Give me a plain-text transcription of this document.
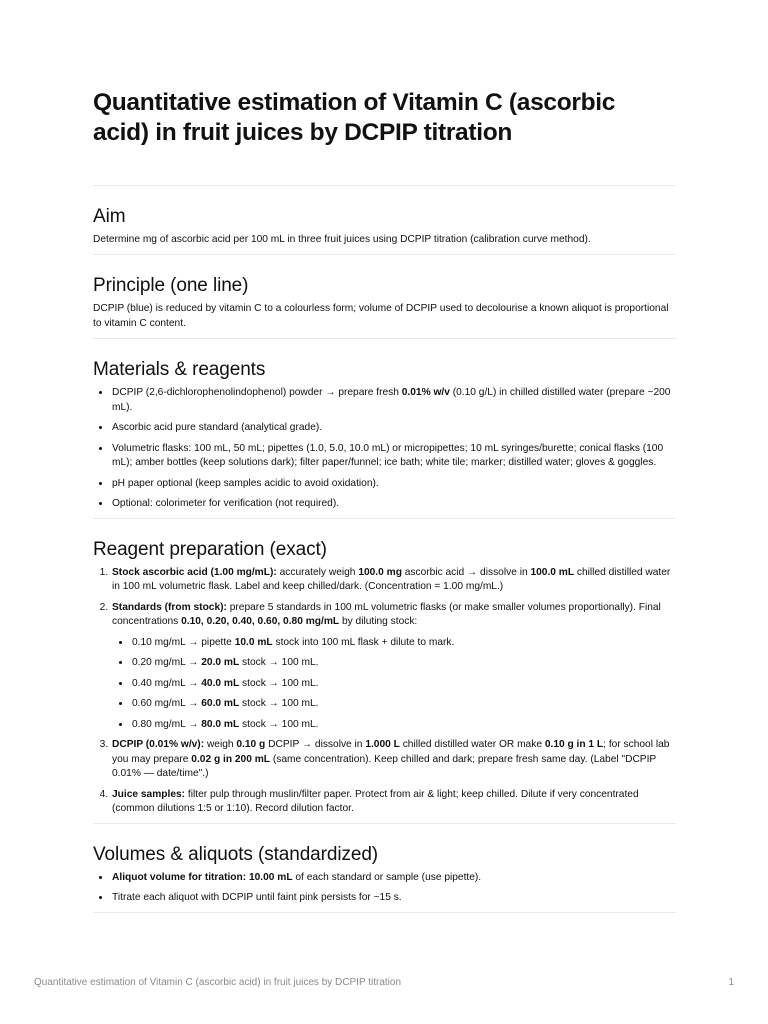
Quantitative estimation of Vitamin C (ascorbic acid) in fruit juices by DCPIP titration
Aim

Determine mg of ascorbic acid per 100 mL in three fruit juices using DCPIP titration (calibration curve method).

Principle (one line)

DCPIP (blue) is reduced by vitamin C to a colourless form; volume of DCPIP used to decolourise a known aliquot is proportional to vitamin C content.

Materials & reagents
• DCPIP (2,6-dichlorophenolindophenol) powder → prepare fresh 0.01% w/v (0.10 g/L) in chilled distilled water (prepare ~200 mL).
• Ascorbic acid pure standard (analytical grade).
• Volumetric flasks: 100 mL, 50 mL; pipettes (1.0, 5.0, 10.0 mL) or micropipettes; 10 mL syringes/burette; conical flasks (100 mL); amber bottles (keep solutions dark); filter paper/funnel; ice bath; white tile; marker; distilled water; gloves & goggles.
• pH paper optional (keep samples acidic to avoid oxidation).
• Optional: colorimeter for verification (not required).
Reagent preparation (exact)
1. Stock ascorbic acid (1.00 mg/mL): accurately weigh 100.0 mg ascorbic acid → dissolve in 100.0 mL chilled distilled water in 100 mL volumetric flask. Label and keep chilled/dark. (Concentration = 1.00 mg/mL.)
2. Standards (from stock): prepare 5 standards in 100 mL volumetric flasks (or make smaller volumes proportionally). Final concentrations 0.10, 0.20, 0.40, 0.60, 0.80 mg/mL by diluting stock:
• 0.10 mg/mL → pipette 10.0 mL stock into 100 mL flask + dilute to mark.
• 0.20 mg/mL → 20.0 mL stock → 100 mL.
• 0.40 mg/mL → 40.0 mL stock → 100 mL.
• 0.60 mg/mL → 60.0 mL stock → 100 mL.
• 0.80 mg/mL → 80.0 mL stock → 100 mL.
3. DCPIP (0.01% w/v): weigh 0.10 g DCPIP → dissolve in 1.000 L chilled distilled water OR make 0.10 g in 1 L; for school lab you may prepare 0.02 g in 200 mL (same concentration). Keep chilled and dark; prepare fresh same day. (Label "DCPIP 0.01% — date/time".)
4. Juice samples: filter pulp through muslin/filter paper. Protect from air & light; keep chilled. Dilute if very concentrated (common dilutions 1:5 or 1:10). Record dilution factor.
Volumes & aliquots (standardized)
• Aliquot volume for titration: 10.00 mL of each standard or sample (use pipette).
• Titrate each aliquot with DCPIP until faint pink persists for ~15 s.
Quantitative estimation of Vitamin C (ascorbic acid) in fruit juices by DCPIP titration	1
